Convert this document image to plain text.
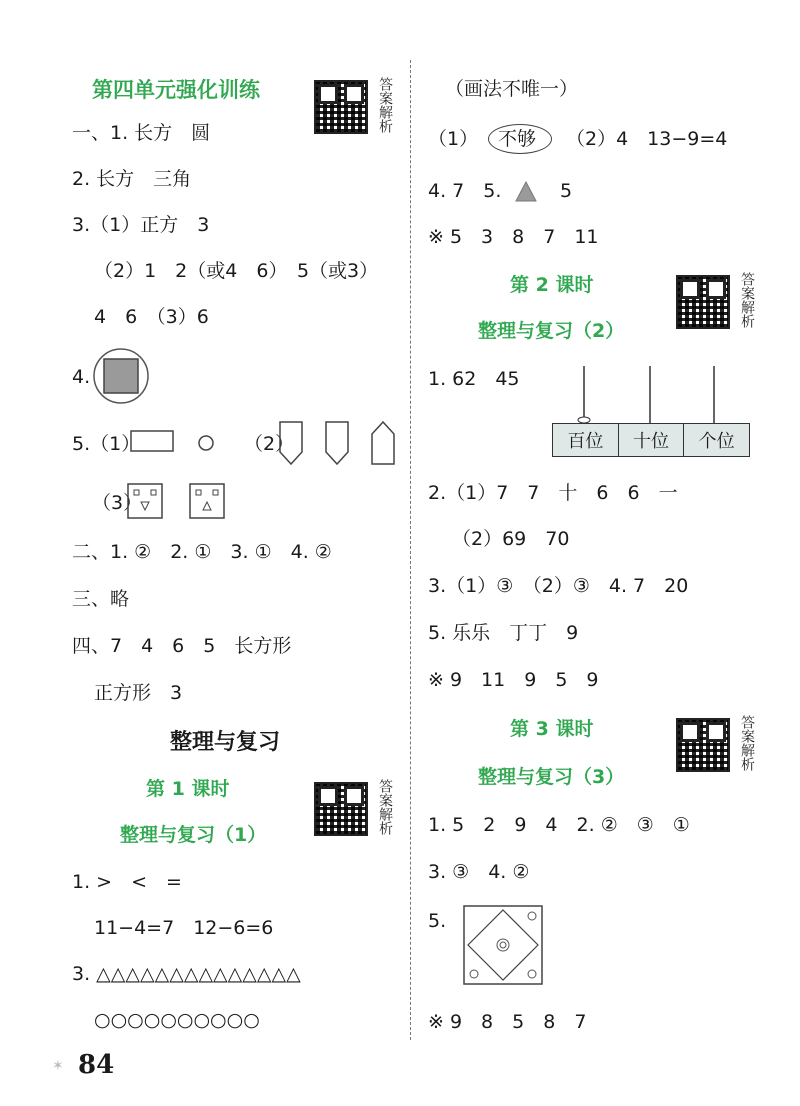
第四单元强化训练	答案解析
一、1. 长方　圆
2. 长方　三角
3.（1）正方　3
（2）1　2（或4　6）　5（或3）
4　6　（3）6
4.
5.（1）	（2）
（3）
二、1. ②　2. ①　3. ①　4. ②
三、略
四、7　4　6　5　长方形
正方形　3
整理与复习
第 1 课时	答案解析
整理与复习（1）
1. >　<　=
11−4=7　12−6=6
3. △△△△△△△△△△△△△△
○○○○○○○○○○
（画法不唯一）
（1） 不够 （2）4　13−9=4
4. 7　5.	5
※ 5　3　8　7　11
第 2 课时	答案解析
整理与复习（2）
1. 62　45
百位	十位	个位
2.（1）7　7　十　6　6　一
（2）69　70
3.（1）③　（2）③　4. 7　20
5. 乐乐　丁丁　9
※ 9　11　9　5　9
第 3 课时	答案解析
整理与复习（3）
1. 5　2　9　4　2. ②　③　①
3. ③　4. ②
5.
※ 9　8　5　8　7
✶ 84
